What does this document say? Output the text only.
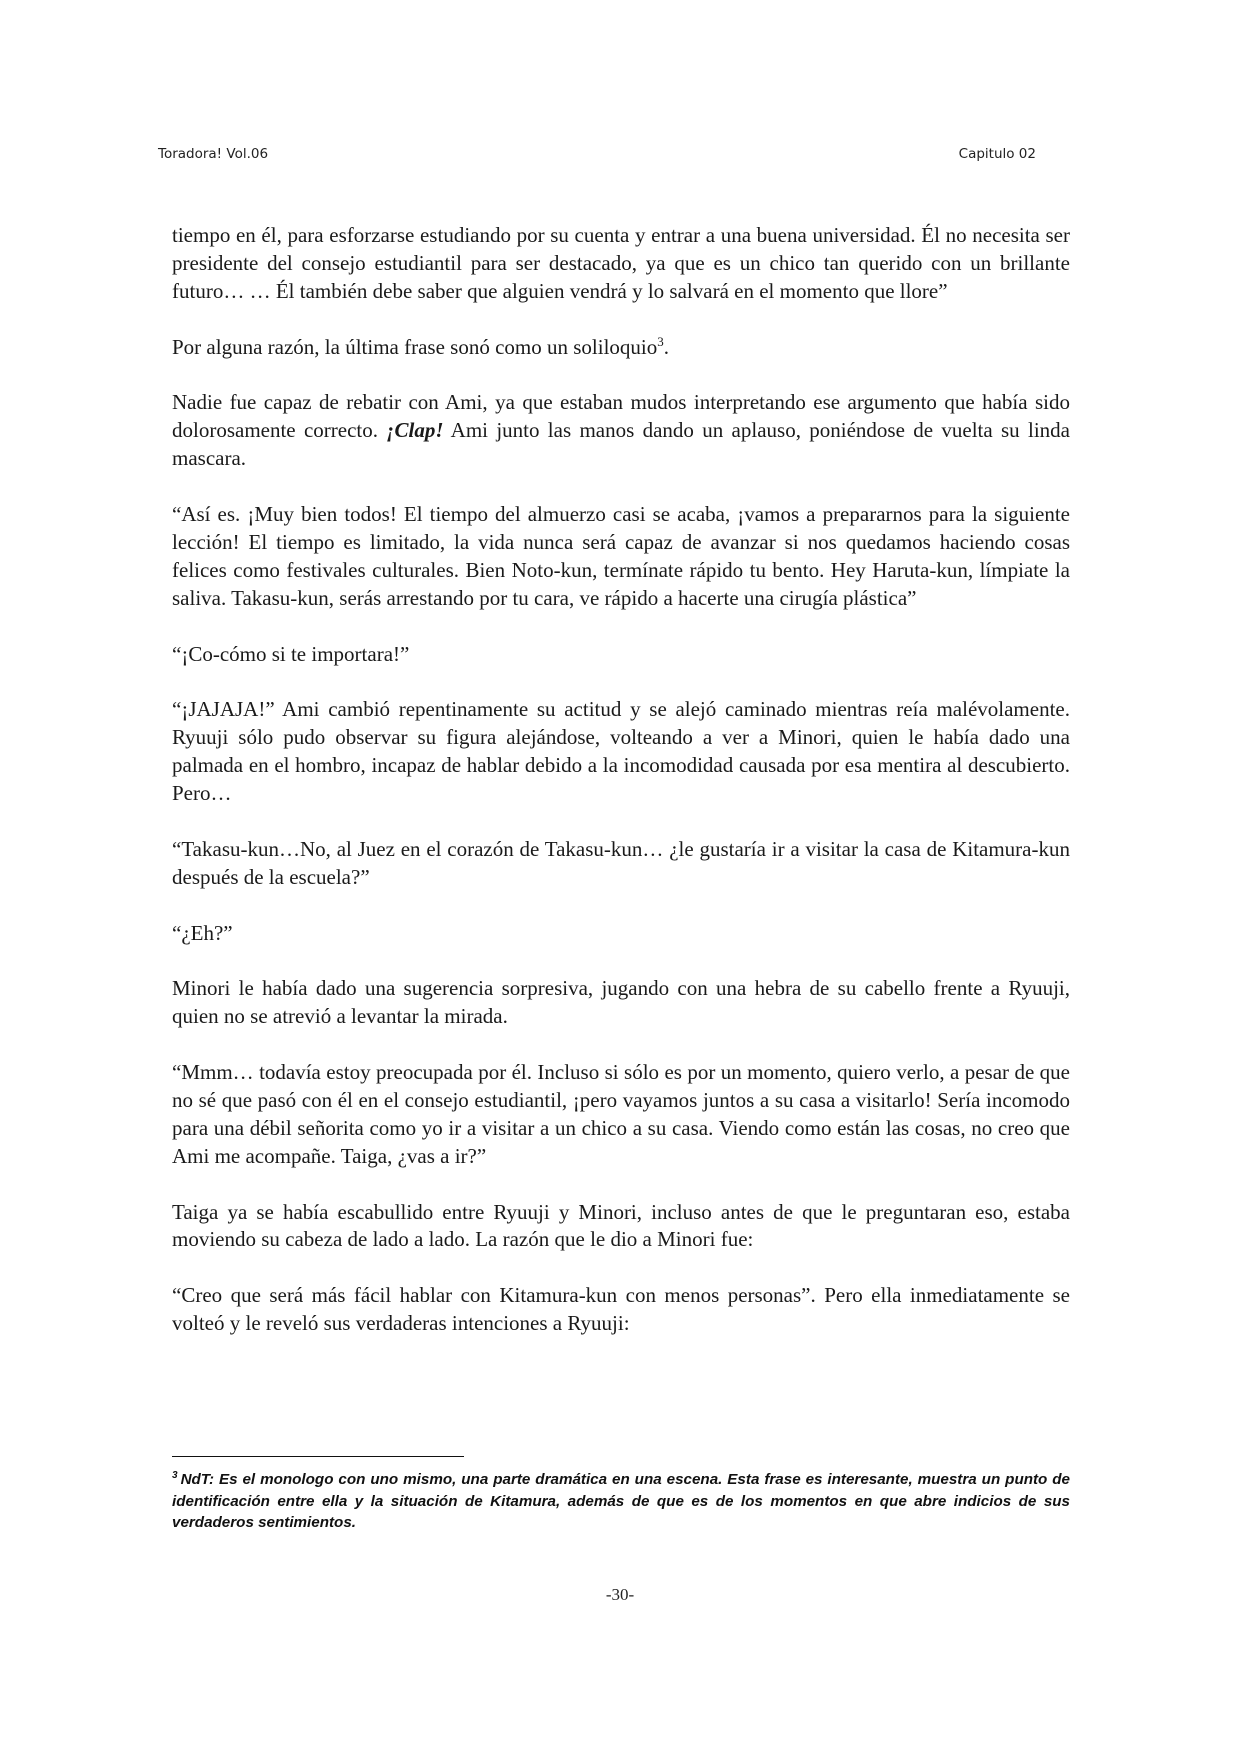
Toradora! Vol.06	Capitulo 02

tiempo en él, para esforzarse estudiando por su cuenta y entrar a una buena universidad. Él no necesita ser presidente del consejo estudiantil para ser destacado, ya que es un chico tan querido con un brillante futuro… … Él también debe saber que alguien vendrá y lo salvará en el momento que llore”

Por alguna razón, la última frase sonó como un soliloquio$^3$.

Nadie fue capaz de rebatir con Ami, ya que estaban mudos interpretando ese argumento que había sido dolorosamente correcto. ¡Clap! Ami junto las manos dando un aplauso, poniéndose de vuelta su linda mascara.

“Así es. ¡Muy bien todos! El tiempo del almuerzo casi se acaba, ¡vamos a prepararnos para la siguiente lección! El tiempo es limitado, la vida nunca será capaz de avanzar si nos quedamos haciendo cosas felices como festivales culturales. Bien Noto-kun, termínate rápido tu bento. Hey Haruta-kun, límpiate la saliva. Takasu-kun, serás arrestando por tu cara, ve rápido a hacerte una cirugía plástica”

“¡Co-cómo si te importara!”

“¡JAJAJA!” Ami cambió repentinamente su actitud y se alejó caminado mientras reía malévolamente. Ryuuji sólo pudo observar su figura alejándose, volteando a ver a Minori, quien le había dado una palmada en el hombro, incapaz de hablar debido a la incomodidad causada por esa mentira al descubierto. Pero…

“Takasu-kun…No, al Juez en el corazón de Takasu-kun… ¿le gustaría ir a visitar la casa de Kitamura-kun después de la escuela?”

“¿Eh?”

Minori le había dado una sugerencia sorpresiva, jugando con una hebra de su cabello frente a Ryuuji, quien no se atrevió a levantar la mirada.

“Mmm… todavía estoy preocupada por él. Incluso si sólo es por un momento, quiero verlo, a pesar de que no sé que pasó con él en el consejo estudiantil, ¡pero vayamos juntos a su casa a visitarlo! Sería incomodo para una débil señorita como yo ir a visitar a un chico a su casa. Viendo como están las cosas, no creo que Ami me acompañe. Taiga, ¿vas a ir?”

Taiga ya se había escabullido entre Ryuuji y Minori, incluso antes de que le preguntaran eso, estaba moviendo su cabeza de lado a lado. La razón que le dio a Minori fue:

“Creo que será más fácil hablar con Kitamura-kun con menos personas”. Pero ella inmediatamente se volteó y le reveló sus verdaderas intenciones a Ryuuji:

$^3$ NdT: Es el monologo con uno mismo, una parte dramática en una escena. Esta frase es interesante, muestra un punto de identificación entre ella y la situación de Kitamura, además de que es de los momentos en que abre indicios de sus verdaderos sentimientos.
-30-
